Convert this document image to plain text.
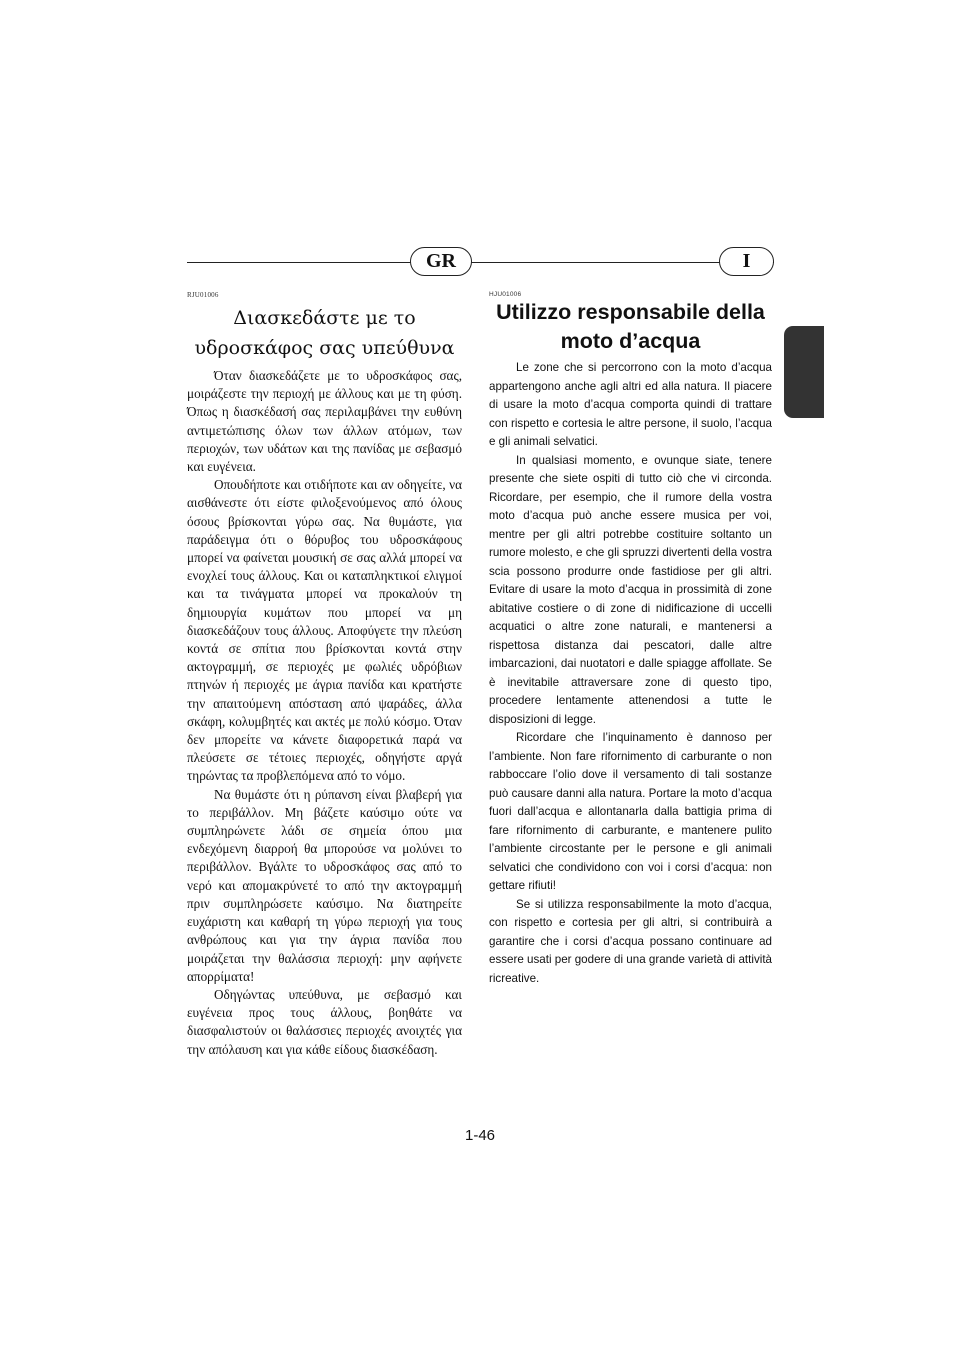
GR	I
RJU01006
Διασκεδάστε με το υδροσκάφος σας υπεύθυνα

Όταν διασκεδάζετε με το υδροσκάφος σας, μοιράζεστε την περιοχή με άλλους και με τη φύση. Όπως η διασκέδασή σας περιλαμβάνει την ευθύνη αντιμετώπισης όλων των άλλων ατόμων, των περιοχών, των υδάτων και της πανίδας με σεβασμό και ευγένεια.

Οπουδήποτε και οτιδήποτε και αν οδηγείτε, να αισθάνεστε ότι είστε φιλοξενούμενος από όλους όσους βρίσκονται γύρω σας. Να θυμάστε, για παράδειγμα ότι ο θόρυβος του υδροσκάφους μπορεί να φαίνεται μουσική σε σας αλλά μπορεί να ενοχλεί τους άλλους. Και οι καταπληκτικοί ελιγμοί και τα τινάγματα μπορεί να προκαλούν τη δημιουργία κυμάτων που μπορεί να μη διασκεδάζουν τους άλλους. Αποφύγετε την πλεύση κοντά σε σπίτια που βρίσκονται κοντά στην ακτογραμμή, σε περιοχές με φωλιές υδρόβιων πτηνών ή περιοχές με άγρια πανίδα και κρατήστε την απαιτούμενη απόσταση από ψαράδες, άλλα σκάφη, κολυμβητές και ακτές με πολύ κόσμο. Όταν δεν μπορείτε να κάνετε διαφορετικά παρά να πλεύσετε σε τέτοιες περιοχές, οδηγήστε αργά τηρώντας τα προβλεπόμενα από το νόμο.

Να θυμάστε ότι η ρύπανση είναι βλαβερή για το περιβάλλον. Μη βάζετε καύσιμο ούτε να συμπληρώνετε λάδι σε σημεία όπου μια ενδεχόμενη διαρροή θα μπορούσε να μολύνει το περιβάλλον. Βγάλτε το υδροσκάφος σας από το νερό και απομακρύνετέ το από την ακτογραμμή πριν συμπληρώσετε καύσιμο. Να διατηρείτε ευχάριστη και καθαρή τη γύρω περιοχή για τους ανθρώπους και για την άγρια πανίδα που μοιράζεται την θαλάσσια περιοχή: μην αφήνετε απορρίματα!

Οδηγώντας υπεύθυνα, με σεβασμό και ευγένεια προς τους άλλους, βοηθάτε να διασφαλιστούν οι θαλάσσιες περιοχές ανοιχτές για την απόλαυση και για κάθε είδους διασκέδαση.

HJU01006
Utilizzo responsabile della moto d’acqua

Le zone che si percorrono con la moto d’acqua appartengono anche agli altri ed alla natura. Il piacere di usare la moto d’acqua comporta quindi di trattare con rispetto e cortesia le altre persone, il suolo, l’acqua e gli animali selvatici.

In qualsiasi momento, e ovunque siate, tenere presente che siete ospiti di tutto ciò che vi circonda. Ricordare, per esempio, che il rumore della vostra moto d’acqua può anche essere musica per voi, mentre per gli altri potrebbe costituire soltanto un rumore molesto, e che gli spruzzi divertenti della vostra scia possono produrre onde fastidiose per gli altri. Evitare di usare la moto d’acqua in prossimità di zone abitative costiere o di zone di nidificazione di uccelli acquatici o altre zone naturali, e mantenersi a rispettosa distanza dai pescatori, dalle altre imbarcazioni, dai nuotatori e dalle spiagge affollate. Se è inevitabile attraversare zone di questo tipo, procedere lentamente attenendosi a tutte le disposizioni di legge.

Ricordare che l’inquinamento è dannoso per l’ambiente. Non fare rifornimento di carburante o non rabboccare l’olio dove il versamento di tali sostanze può causare danni alla natura. Portare la moto d’acqua fuori dall’acqua e allontanarla dalla battigia prima di fare rifornimento di carburante, e mantenere pulito l’ambiente circostante per le persone e gli animali selvatici che condividono con voi i corsi d’acqua: non gettare rifiuti!

Se si utilizza responsabilmente la moto d’acqua, con rispetto e cortesia per gli altri, si contribuirà a garantire che i corsi d’acqua possano continuare ad essere usati per godere di una grande varietà di attività ricreative.

1-46
